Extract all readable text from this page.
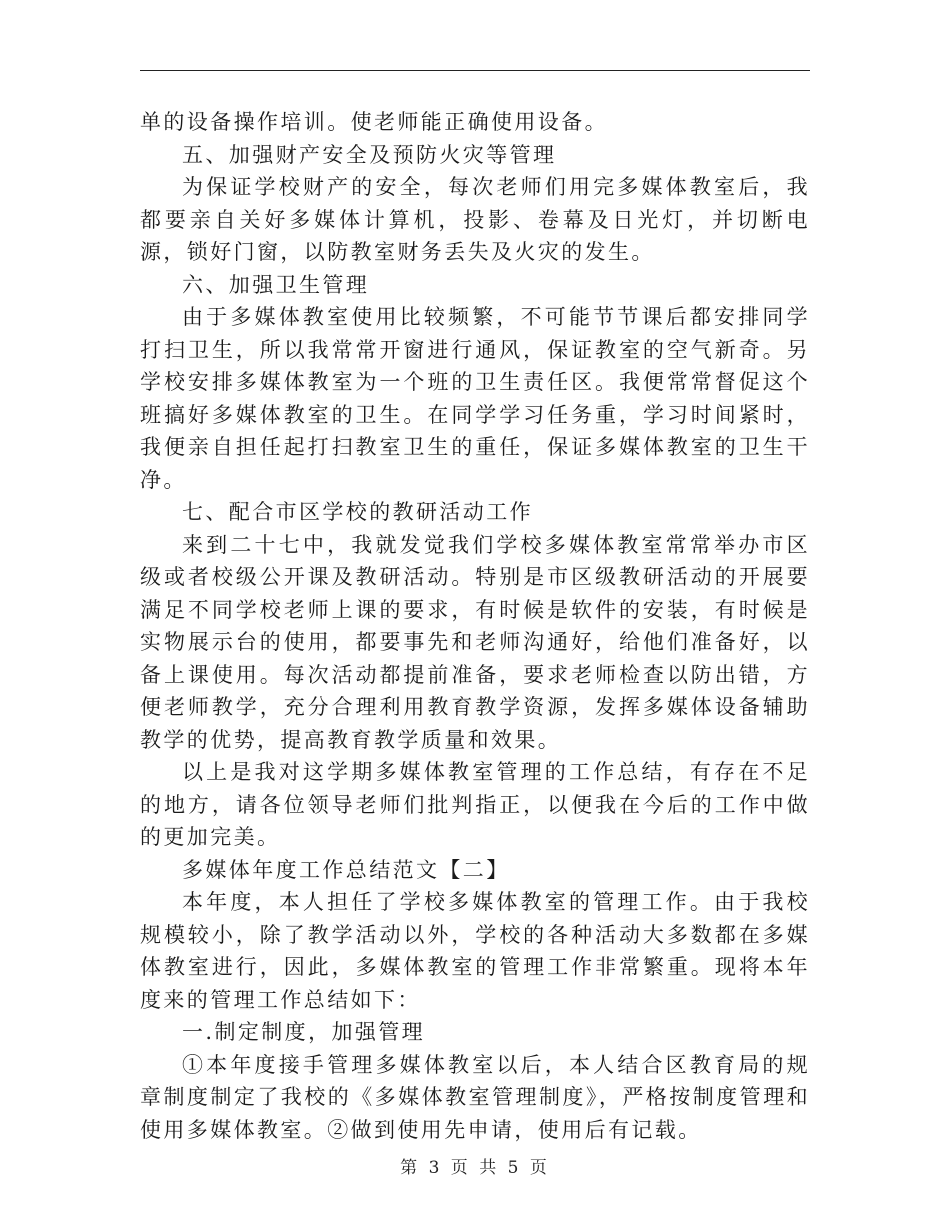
单的设备操作培训。使老师能正确使用设备。

五、加强财产安全及预防火灾等管理

为保证学校财产的安全，每次老师们用完多媒体教室后，我都要亲自关好多媒体计算机，投影、卷幕及日光灯，并切断电源，锁好门窗，以防教室财务丢失及火灾的发生。

六、加强卫生管理

由于多媒体教室使用比较频繁，不可能节节课后都安排同学打扫卫生，所以我常常开窗进行通风，保证教室的空气新奇。另学校安排多媒体教室为一个班的卫生责任区。我便常常督促这个班搞好多媒体教室的卫生。在同学学习任务重，学习时间紧时，我便亲自担任起打扫教室卫生的重任，保证多媒体教室的卫生干净。

七、配合市区学校的教研活动工作

来到二十七中，我就发觉我们学校多媒体教室常常举办市区级或者校级公开课及教研活动。特别是市区级教研活动的开展要满足不同学校老师上课的要求，有时候是软件的安装，有时候是实物展示台的使用，都要事先和老师沟通好，给他们准备好，以备上课使用。每次活动都提前准备，要求老师检查以防出错，方便老师教学，充分合理利用教育教学资源，发挥多媒体设备辅助教学的优势，提高教育教学质量和效果。

以上是我对这学期多媒体教室管理的工作总结，有存在不足的地方，请各位领导老师们批判指正，以便我在今后的工作中做的更加完美。

多媒体年度工作总结范文【二】

本年度，本人担任了学校多媒体教室的管理工作。由于我校规模较小，除了教学活动以外，学校的各种活动大多数都在多媒体教室进行，因此，多媒体教室的管理工作非常繁重。现将本年度来的管理工作总结如下：

一.制定制度，加强管理

①本年度接手管理多媒体教室以后，本人结合区教育局的规章制度制定了我校的《多媒体教室管理制度》，严格按制度管理和使用多媒体教室。②做到使用先申请，使用后有记载。

第 3 页 共 5 页
